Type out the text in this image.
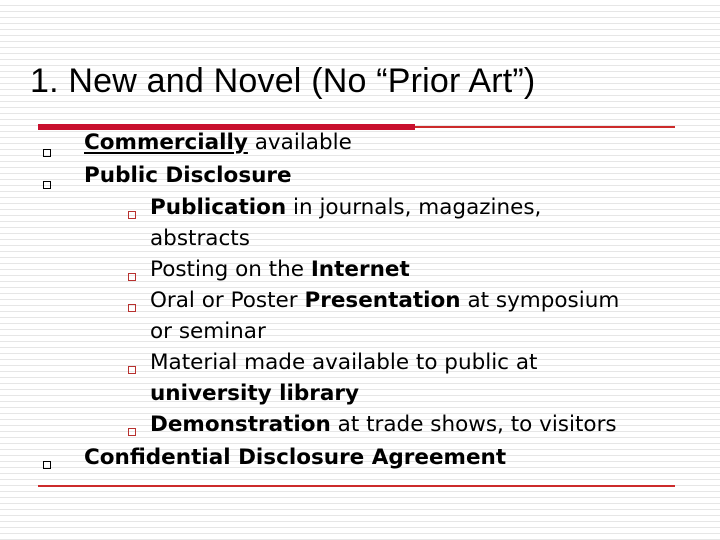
1. New and Novel (No “Prior Art”)
Commercially available
Public Disclosure
Publication in journals, magazines,
abstracts
Posting on the Internet
Oral or Poster Presentation at symposium
or seminar
Material made available to public at
university library
Demonstration at trade shows, to visitors
Confidential Disclosure Agreement
